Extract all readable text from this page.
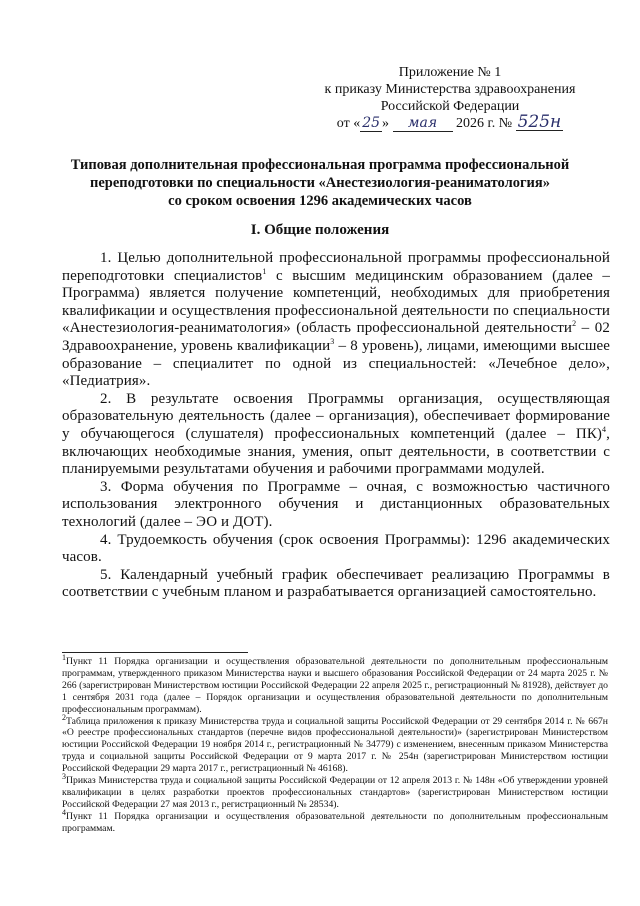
Приложение № 1
к приказу Министерства здравоохранения
Российской Федерации
от « 25 » мая 2026 г. № 525н
Типовая дополнительная профессиональная программа профессиональной
переподготовки по специальности «Анестезиология-реаниматология»
со сроком освоения 1296 академических часов
I. Общие положения

1. Целью дополнительной профессиональной программы профессиональной переподготовки специалистов$^1$ с высшим медицинским образованием (далее – Программа) является получение компетенций, необходимых для приобретения квалификации и осуществления профессиональной деятельности по специальности «Анестезиология-реаниматология» (область профессиональной деятельности$^2$ – 02 Здравоохранение, уровень квалификации$^3$ – 8 уровень), лицами, имеющими высшее образование – специалитет по одной из специальностей: «Лечебное дело», «Педиатрия».

2. В результате освоения Программы организация, осуществляющая образовательную деятельность (далее – организация), обеспечивает формирование у обучающегося (слушателя) профессиональных компетенций (далее – ПК)$^4$, включающих необходимые знания, умения, опыт деятельности, в соответствии с планируемыми результатами обучения и рабочими программами модулей.

3. Форма обучения по Программе – очная, с возможностью частичного использования электронного обучения и дистанционных образовательных технологий (далее – ЭО и ДОТ).

4. Трудоемкость обучения (срок освоения Программы): 1296 академических часов.

5. Календарный учебный график обеспечивает реализацию Программы в соответствии с учебным планом и разрабатывается организацией самостоятельно.

$^1$Пункт 11 Порядка организации и осуществления образовательной деятельности по дополнительным профессиональным программам, утвержденного приказом Министерства науки и высшего образования Российской Федерации от 24 марта 2025 г. № 266 (зарегистрирован Министерством юстиции Российской Федерации 22 апреля 2025 г., регистрационный № 81928), действует до 1 сентября 2031 года (далее – Порядок организации и осуществления образовательной деятельности по дополнительным профессиональным программам).

$^2$Таблица приложения к приказу Министерства труда и социальной защиты Российской Федерации от 29 сентября 2014 г. № 667н «О реестре профессиональных стандартов (перечне видов профессиональной деятельности)» (зарегистрирован Министерством юстиции Российской Федерации 19 ноября 2014 г., регистрационный № 34779) с изменением, внесенным приказом Министерства труда и социальной защиты Российской Федерации от 9 марта 2017 г. № 254н (зарегистрирован Министерством юстиции Российской Федерации 29 марта 2017 г., регистрационный № 46168).

$^3$Приказ Министерства труда и социальной защиты Российской Федерации от 12 апреля 2013 г. № 148н «Об утверждении уровней квалификации в целях разработки проектов профессиональных стандартов» (зарегистрирован Министерством юстиции Российской Федерации 27 мая 2013 г., регистрационный № 28534).

$^4$Пункт 11 Порядка организации и осуществления образовательной деятельности по дополнительным профессиональным программам.
